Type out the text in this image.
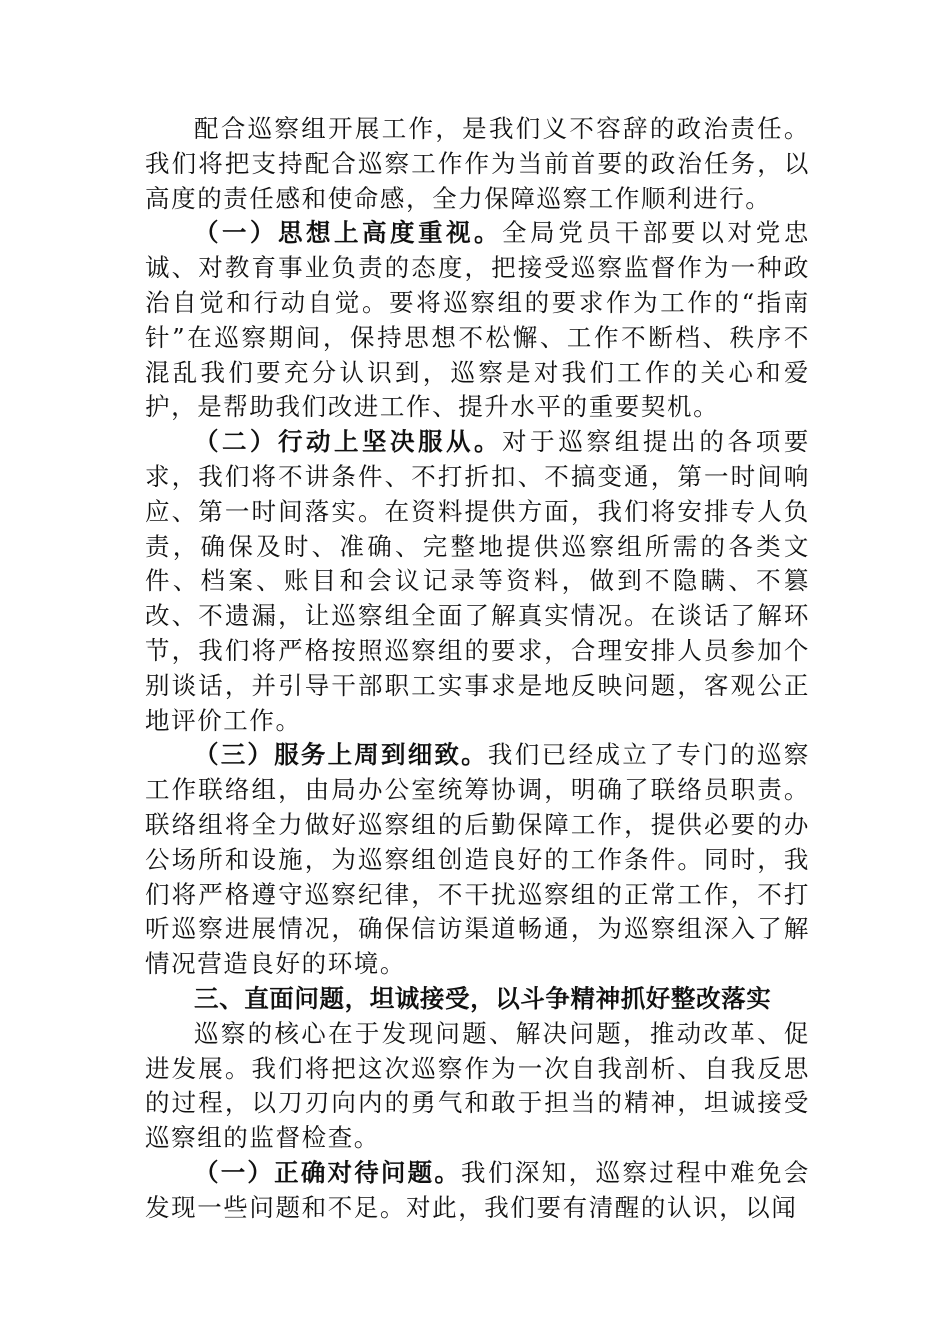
配合巡察组开展工作，是我们义不容辞的政治责任。我们将把支持配合巡察工作作为当前首要的政治任务，以高度的责任感和使命感，全力保障巡察工作顺利进行。

（一）思想上高度重视。全局党员干部要以对党忠诚、对教育事业负责的态度，把接受巡察监督作为一种政治自觉和行动自觉。要将巡察组的要求作为工作的“指南针”在巡察期间，保持思想不松懈、工作不断档、秩序不混乱我们要充分认识到，巡察是对我们工作的关心和爱护，是帮助我们改进工作、提升水平的重要契机。

（二）行动上坚决服从。对于巡察组提出的各项要求，我们将不讲条件、不打折扣、不搞变通，第一时间响应、第一时间落实。在资料提供方面，我们将安排专人负责，确保及时、准确、完整地提供巡察组所需的各类文件、档案、账目和会议记录等资料，做到不隐瞒、不篡改、不遗漏，让巡察组全面了解真实情况。在谈话了解环节，我们将严格按照巡察组的要求，合理安排人员参加个别谈话，并引导干部职工实事求是地反映问题，客观公正地评价工作。

（三）服务上周到细致。我们已经成立了专门的巡察工作联络组，由局办公室统筹协调，明确了联络员职责。联络组将全力做好巡察组的后勤保障工作，提供必要的办公场所和设施，为巡察组创造良好的工作条件。同时，我们将严格遵守巡察纪律，不干扰巡察组的正常工作，不打听巡察进展情况，确保信访渠道畅通，为巡察组深入了解情况营造良好的环境。

三、直面问题，坦诚接受，以斗争精神抓好整改落实

巡察的核心在于发现问题、解决问题，推动改革、促进发展。我们将把这次巡察作为一次自我剖析、自我反思的过程，以刀刃向内的勇气和敢于担当的精神，坦诚接受巡察组的监督检查。

（一）正确对待问题。我们深知，巡察过程中难免会发现一些问题和不足。对此，我们要有清醒的认识，以闻
